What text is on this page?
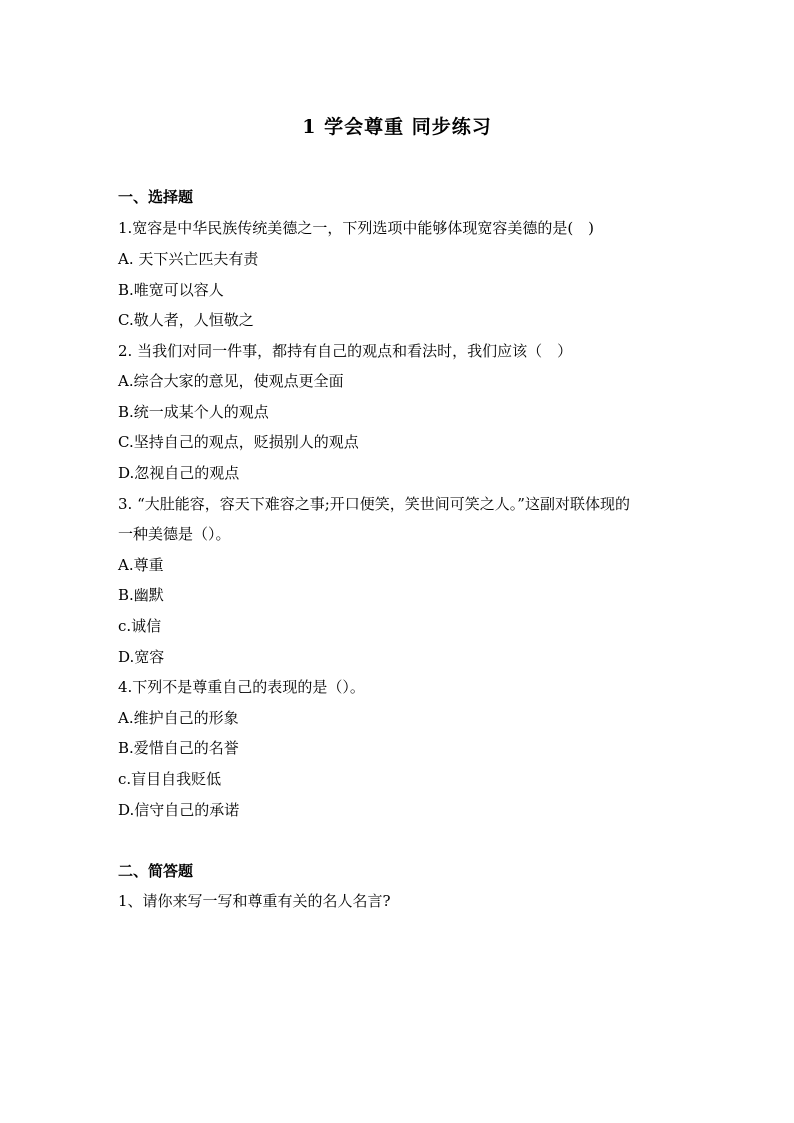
1 学会尊重 同步练习
一、选择题
1.宽容是中华民族传统美德之一，下列选项中能够体现宽容美德的是(　)
A. 天下兴亡匹夫有责
B.唯宽可以容人
C.敬人者，人恒敬之
2. 当我们对同一件事，都持有自己的观点和看法时，我们应该（　）
A.综合大家的意见，使观点更全面
B.统一成某个人的观点
C.坚持自己的观点，贬损别人的观点
D.忽视自己的观点
3. “大肚能容，容天下难容之事;开口便笑，笑世间可笑之人。”这副对联体现的
一种美德是（）。
A.尊重
B.幽默
c.诚信
D.宽容
4.下列不是尊重自己的表现的是（）。
A.维护自己的形象
B.爱惜自己的名誉
c.盲目自我贬低
D.信守自己的承诺
二、简答题
1、请你来写一写和尊重有关的名人名言?
